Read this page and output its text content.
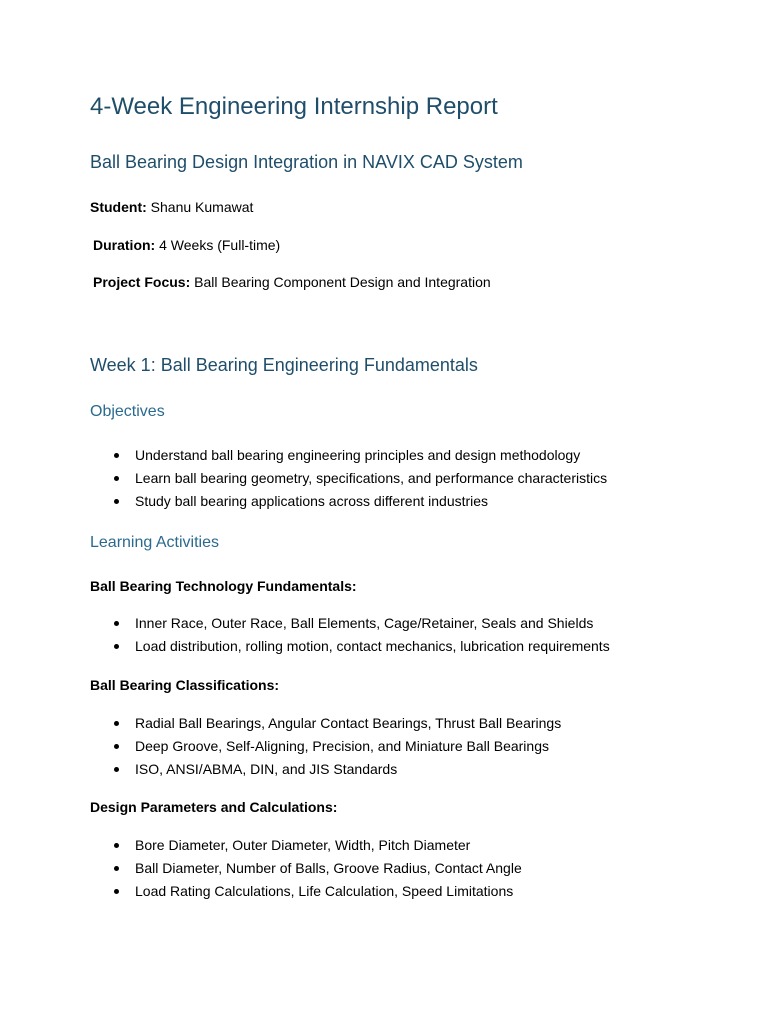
4-Week Engineering Internship Report
Ball Bearing Design Integration in NAVIX CAD System

Student: Shanu Kumawat

Duration: 4 Weeks (Full-time)

Project Focus: Ball Bearing Component Design and Integration

Week 1: Ball Bearing Engineering Fundamentals
Objectives
Understand ball bearing engineering principles and design methodology
Learn ball bearing geometry, specifications, and performance characteristics
Study ball bearing applications across different industries
Learning Activities

Ball Bearing Technology Fundamentals:

Inner Race, Outer Race, Ball Elements, Cage/Retainer, Seals and Shields
Load distribution, rolling motion, contact mechanics, lubrication requirements

Ball Bearing Classifications:

Radial Ball Bearings, Angular Contact Bearings, Thrust Ball Bearings
Deep Groove, Self-Aligning, Precision, and Miniature Ball Bearings
ISO, ANSI/ABMA, DIN, and JIS Standards

Design Parameters and Calculations:

Bore Diameter, Outer Diameter, Width, Pitch Diameter
Ball Diameter, Number of Balls, Groove Radius, Contact Angle
Load Rating Calculations, Life Calculation, Speed Limitations
